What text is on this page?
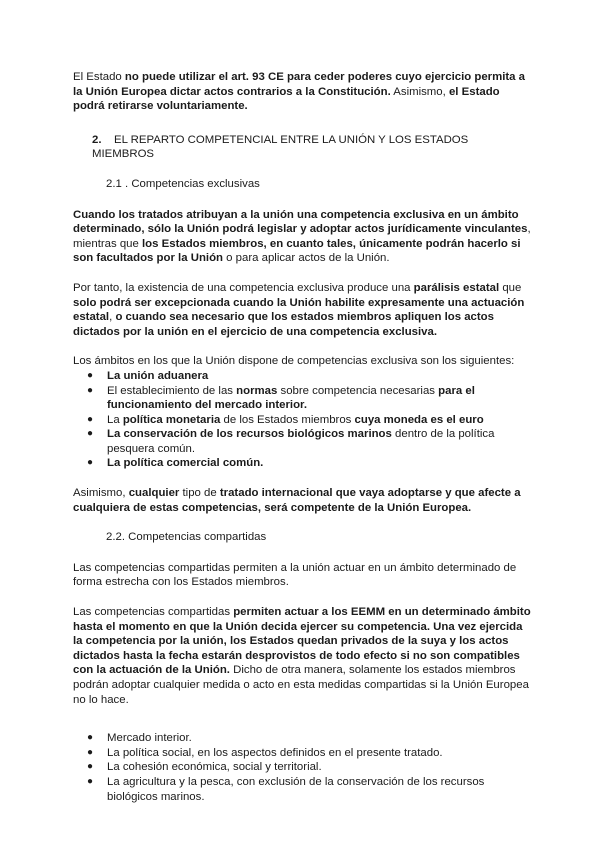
El Estado no puede utilizar el art. 93 CE para ceder poderes cuyo ejercicio permita a la Unión Europea dictar actos contrarios a la Constitución. Asimismo, el Estado podrá retirarse voluntariamente.

2. EL REPARTO COMPETENCIAL ENTRE LA UNIÓN Y LOS ESTADOS MIEMBROS

2.1 . Competencias exclusivas

Cuando los tratados atribuyan a la unión una competencia exclusiva en un ámbito determinado, sólo la Unión podrá legislar y adoptar actos jurídicamente vinculantes, mientras que los Estados miembros, en cuanto tales, únicamente podrán hacerlo si son facultados por la Unión o para aplicar actos de la Unión.

Por tanto, la existencia de una competencia exclusiva produce una parálisis estatal que solo podrá ser excepcionada cuando la Unión habilite expresamente una actuación estatal, o cuando sea necesario que los estados miembros apliquen los actos dictados por la unión en el ejercicio de una competencia exclusiva.

Los ámbitos en los que la Unión dispone de competencias exclusiva son los siguientes:

● La unión aduanera
● El establecimiento de las normas sobre competencia necesarias para el funcionamiento del mercado interior.
● La política monetaria de los Estados miembros cuya moneda es el euro
● La conservación de los recursos biológicos marinos dentro de la política pesquera común.
● La política comercial común.

Asimismo, cualquier tipo de tratado internacional que vaya adoptarse y que afecte a cualquiera de estas competencias, será competente de la Unión Europea.

2.2. Competencias compartidas

Las competencias compartidas permiten a la unión actuar en un ámbito determinado de forma estrecha con los Estados miembros.

Las competencias compartidas permiten actuar a los EEMM en un determinado ámbito hasta el momento en que la Unión decida ejercer su competencia. Una vez ejercida la competencia por la unión, los Estados quedan privados de la suya y los actos dictados hasta la fecha estarán desprovistos de todo efecto si no son compatibles con la actuación de la Unión. Dicho de otra manera, solamente los estados miembros podrán adoptar cualquier medida o acto en esta medidas compartidas si la Unión Europea no lo hace.

● Mercado interior.
● La política social, en los aspectos definidos en el presente tratado.
● La cohesión económica, social y territorial.
● La agricultura y la pesca, con exclusión de la conservación de los recursos biológicos marinos.
